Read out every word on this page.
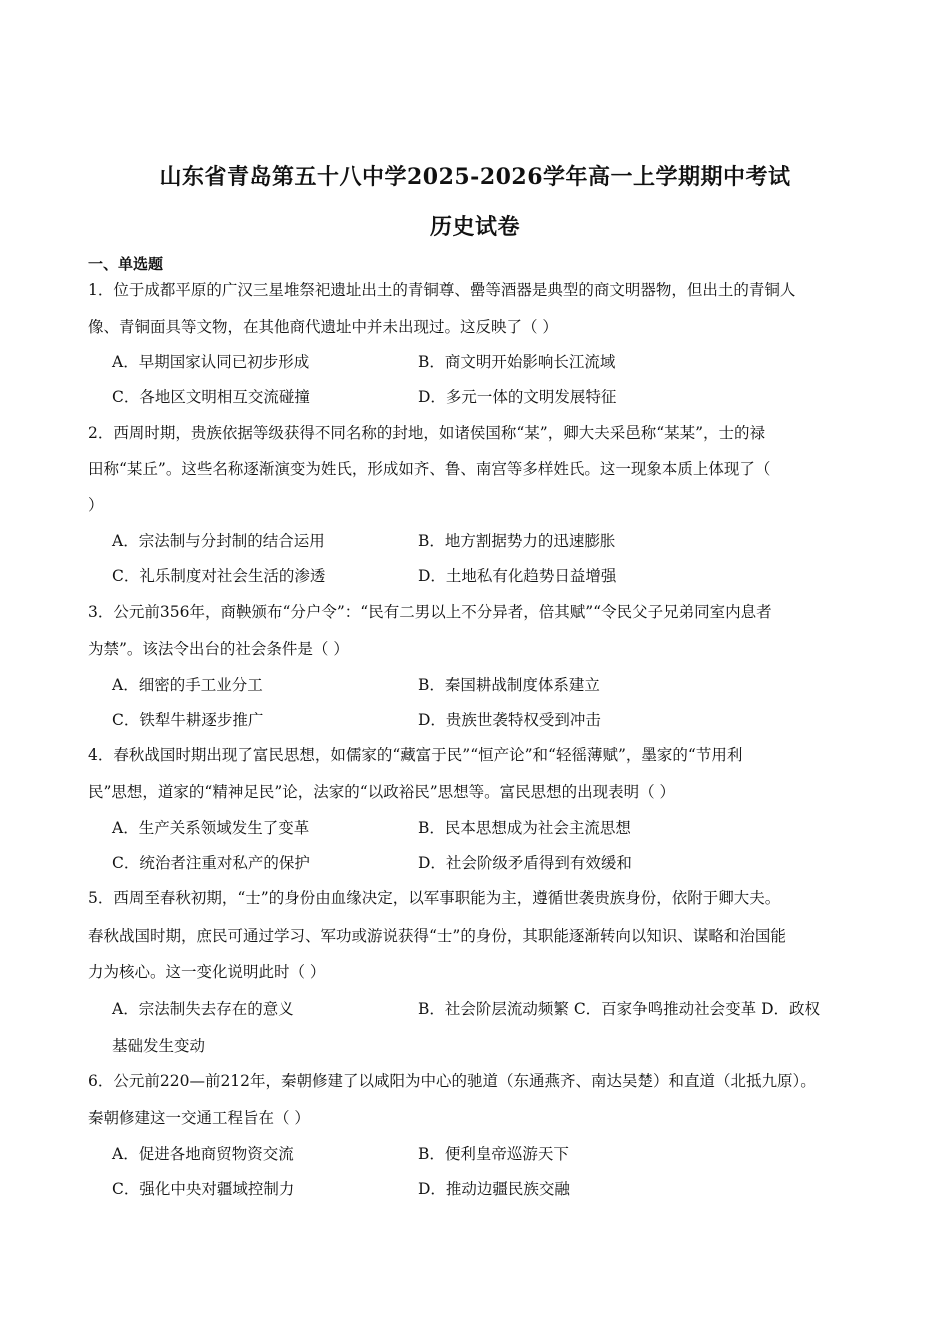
山东省青岛第五十八中学2025-2026学年高一上学期期中考试
历史试卷
一、单选题
1．位于成都平原的广汉三星堆祭祀遗址出土的青铜尊、罍等酒器是典型的商文明器物，但出土的青铜人
像、青铜面具等文物，在其他商代遗址中并未出现过。这反映了（ ）
A．早期国家认同已初步形成	B．商文明开始影响长江流域
C．各地区文明相互交流碰撞	D．多元一体的文明发展特征
2．西周时期，贵族依据等级获得不同名称的封地，如诸侯国称“某”，卿大夫采邑称“某某”，士的禄
田称“某丘”。这些名称逐渐演变为姓氏，形成如齐、鲁、南宫等多样姓氏。这一现象本质上体现了（
）
A．宗法制与分封制的结合运用	B．地方割据势力的迅速膨胀
C．礼乐制度对社会生活的渗透	D．土地私有化趋势日益增强
3．公元前356年，商鞅颁布“分户令”：“民有二男以上不分异者，倍其赋”“令民父子兄弟同室内息者
为禁”。该法令出台的社会条件是（ ）
A．细密的手工业分工	B．秦国耕战制度体系建立
C．铁犁牛耕逐步推广	D．贵族世袭特权受到冲击
4．春秋战国时期出现了富民思想，如儒家的“藏富于民”“恒产论”和“轻徭薄赋”，墨家的“节用利
民”思想，道家的“精神足民”论，法家的“以政裕民”思想等。富民思想的出现表明（ ）
A．生产关系领域发生了变革	B．民本思想成为社会主流思想
C．统治者注重对私产的保护	D．社会阶级矛盾得到有效缓和
5．西周至春秋初期，“士”的身份由血缘决定，以军事职能为主，遵循世袭贵族身份，依附于卿大夫。
春秋战国时期，庶民可通过学习、军功或游说获得“士”的身份，其职能逐渐转向以知识、谋略和治国能
力为核心。这一变化说明此时（ ）
A．宗法制失去存在的意义	B．社会阶层流动频繁 C．百家争鸣推动社会变革 D．政权
基础发生变动
6．公元前220—前212年，秦朝修建了以咸阳为中心的驰道（东通燕齐、南达吴楚）和直道（北抵九原）。
秦朝修建这一交通工程旨在（ ）
A．促进各地商贸物资交流	B．便利皇帝巡游天下
C．强化中央对疆域控制力	D．推动边疆民族交融
